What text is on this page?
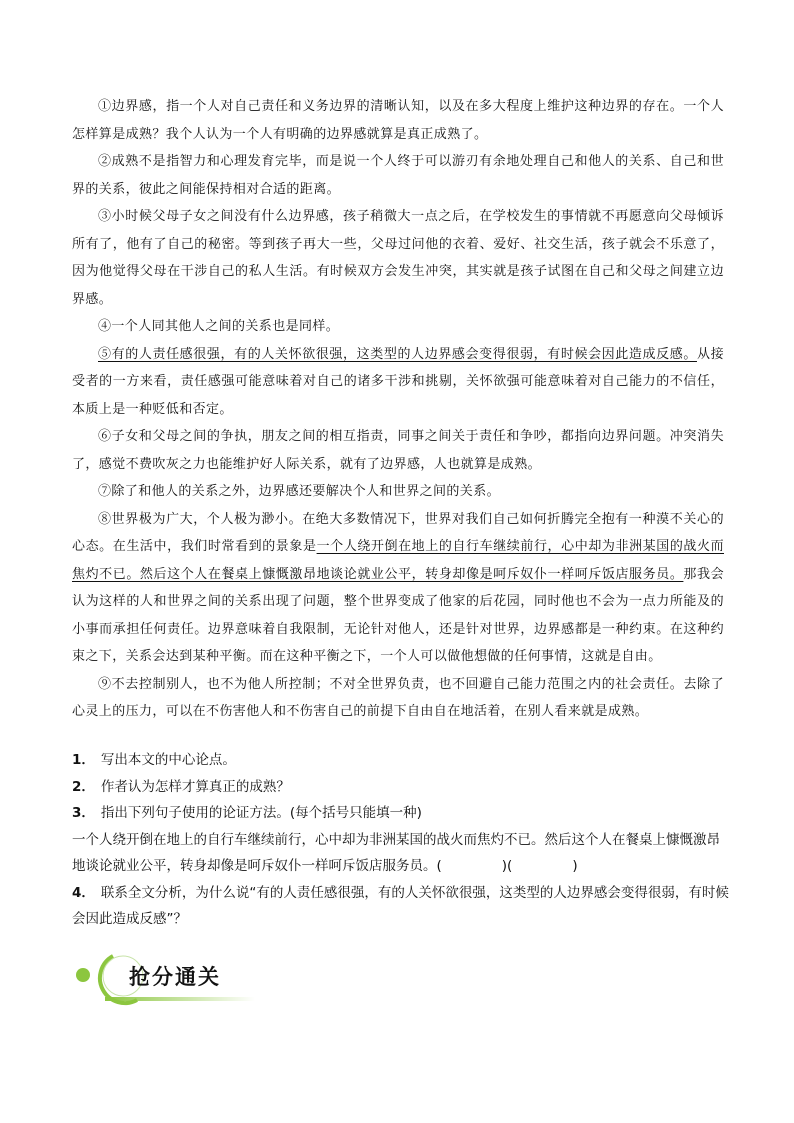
①边界感，指一个人对自己责任和义务边界的清晰认知，以及在多大程度上维护这种边界的存在。一个人怎样算是成熟？我个人认为一个人有明确的边界感就算是真正成熟了。

②成熟不是指智力和心理发育完毕，而是说一个人终于可以游刃有余地处理自己和他人的关系、自己和世界的关系，彼此之间能保持相对合适的距离。

③小时候父母子女之间没有什么边界感，孩子稍微大一点之后，在学校发生的事情就不再愿意向父母倾诉所有了，他有了自己的秘密。等到孩子再大一些，父母过问他的衣着、爱好、社交生活，孩子就会不乐意了，因为他觉得父母在干涉自己的私人生活。有时候双方会发生冲突，其实就是孩子试图在自己和父母之间建立边界感。

④一个人同其他人之间的关系也是同样。

⑤有的人责任感很强，有的人关怀欲很强，这类型的人边界感会变得很弱，有时候会因此造成反感。从接受者的一方来看，责任感强可能意味着对自己的诸多干涉和挑剔，关怀欲强可能意味着对自己能力的不信任，本质上是一种贬低和否定。

⑥子女和父母之间的争执，朋友之间的相互指责，同事之间关于责任和争吵，都指向边界问题。冲突消失了，感觉不费吹灰之力也能维护好人际关系，就有了边界感，人也就算是成熟。

⑦除了和他人的关系之外，边界感还要解决个人和世界之间的关系。

⑧世界极为广大，个人极为渺小。在绝大多数情况下，世界对我们自己如何折腾完全抱有一种漠不关心的心态。在生活中，我们时常看到的景象是一个人绕开倒在地上的自行车继续前行，心中却为非洲某国的战火而焦灼不已。然后这个人在餐桌上慷慨激昂地谈论就业公平，转身却像是呵斥奴仆一样呵斥饭店服务员。那我会认为这样的人和世界之间的关系出现了问题，整个世界变成了他家的后花园，同时他也不会为一点力所能及的小事而承担任何责任。边界意味着自我限制，无论针对他人，还是针对世界，边界感都是一种约束。在这种约束之下，关系会达到某种平衡。而在这种平衡之下，一个人可以做他想做的任何事情，这就是自由。

⑨不去控制别人，也不为他人所控制；不对全世界负责，也不回避自己能力范围之内的社会责任。去除了心灵上的压力，可以在不伤害他人和不伤害自己的前提下自由自在地活着，在别人看来就是成熟。

1． 写出本文的中心论点。

2． 作者认为怎样才算真正的成熟？

3． 指出下列句子使用的论证方法。(每个括号只能填一种)

一个人绕开倒在地上的自行车继续前行，心中却为非洲某国的战火而焦灼不已。然后这个人在餐桌上慷慨激昂地谈论就业公平，转身却像是呵斥奴仆一样呵斥饭店服务员。(	)(	)

4． 联系全文分析，为什么说“有的人责任感很强，有的人关怀欲很强，这类型的人边界感会变得很弱，有时候会因此造成反感”？

抢分通关
